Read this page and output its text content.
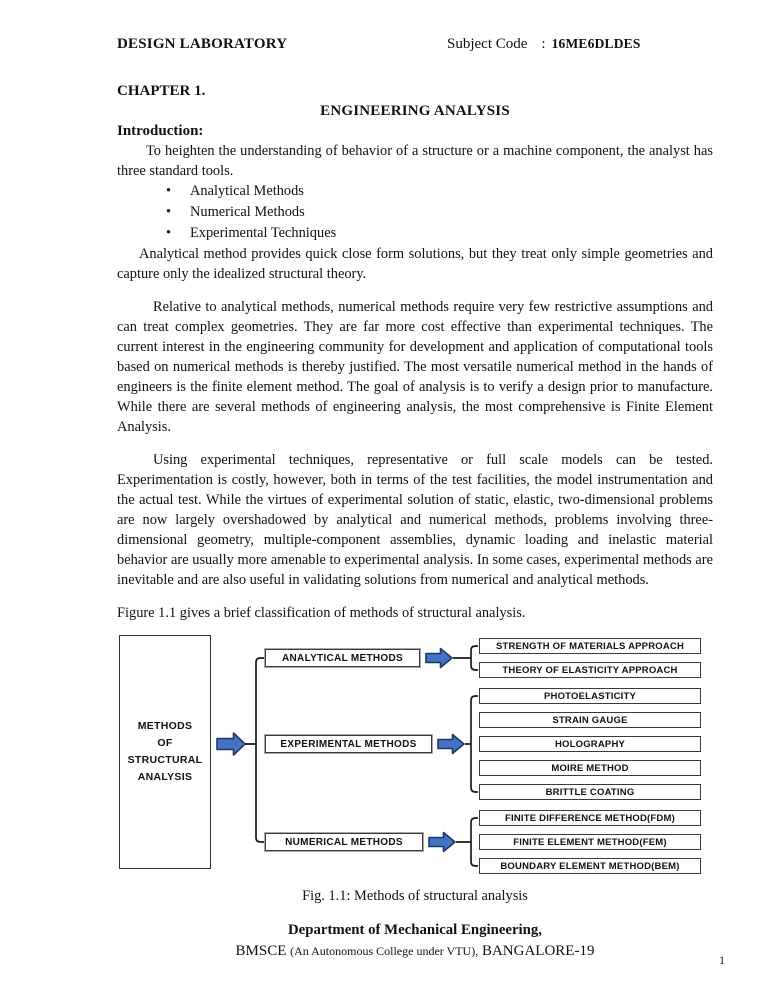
DESIGN LABORATORY	Subject Code : 16ME6DLDES
CHAPTER 1.
ENGINEERING ANALYSIS
Introduction:

To heighten the understanding of behavior of a structure or a machine component, the analyst has three standard tools.

• Analytical Methods
• Numerical Methods
• Experimental Techniques

Analytical method provides quick close form solutions, but they treat only simple geometries and capture only the idealized structural theory.

Relative to analytical methods, numerical methods require very few restrictive assumptions and can treat complex geometries. They are far more cost effective than experimental techniques. The current interest in the engineering community for development and application of computational tools based on numerical methods is thereby justified. The most versatile numerical method in the hands of engineers is the finite element method. The goal of analysis is to verify a design prior to manufacture. While there are several methods of engineering analysis, the most comprehensive is Finite Element Analysis.

Using experimental techniques, representative or full scale models can be tested. Experimentation is costly, however, both in terms of the test facilities, the model instrumentation and the actual test. While the virtues of experimental solution of static, elastic, two-dimensional problems are now largely overshadowed by analytical and numerical methods, problems involving three-dimensional geometry, multiple-component assemblies, dynamic loading and inelastic material behavior are usually more amenable to experimental analysis. In some cases, experimental methods are inevitable and are also useful in validating solutions from numerical and analytical methods.

Figure 1.1 gives a brief classification of methods of structural analysis.

METHODS
OF
STRUCTURAL
ANALYSIS
ANALYTICAL METHODS
EXPERIMENTAL METHODS
NUMERICAL METHODS
STRENGTH OF MATERIALS APPROACH
THEORY OF ELASTICITY APPROACH
PHOTOELASTICITY
STRAIN GAUGE
HOLOGRAPHY
MOIRE METHOD
BRITTLE COATING
FINITE DIFFERENCE METHOD(FDM)
FINITE ELEMENT METHOD(FEM)
BOUNDARY ELEMENT METHOD(BEM)

Fig. 1.1: Methods of structural analysis

Department of Mechanical Engineering,
BMSCE (An Autonomous College under VTU), BANGALORE-19
1
